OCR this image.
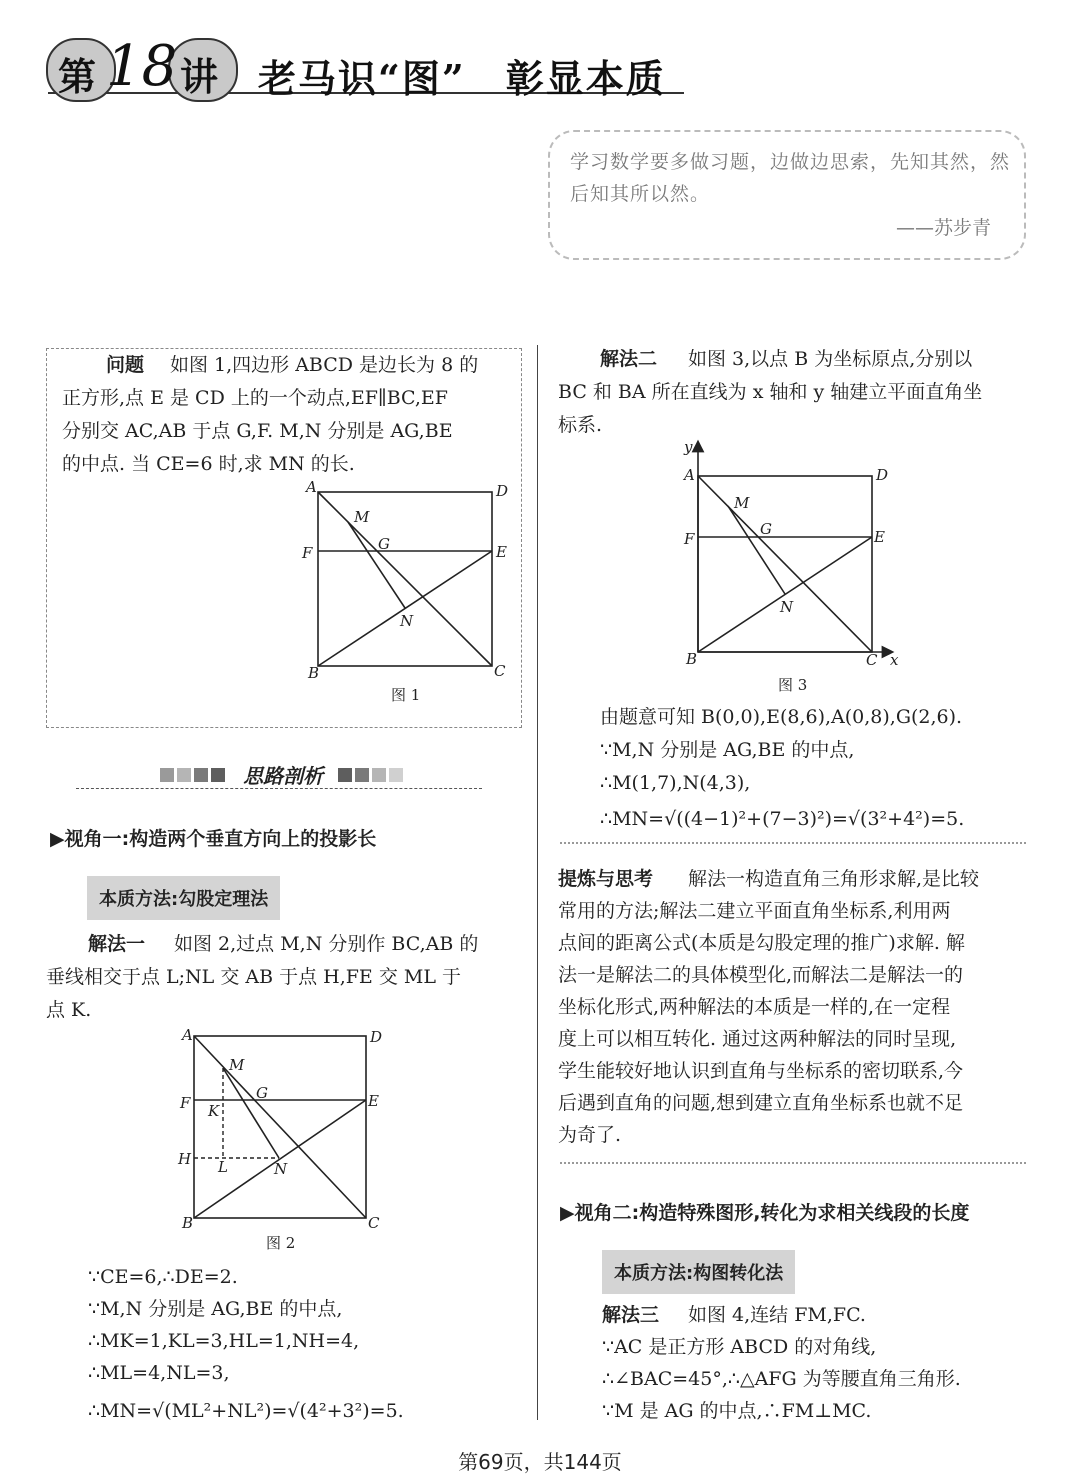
第 18 讲 老马识“图”　彰显本质
学习数学要多做习题，边做边思索，先知其然，然后知其所以然。
——苏步青
问题 如图 1,四边形 ABCD 是边长为 8 的
正方形,点 E 是 CD 上的一个动点,EF∥BC,EF
分别交 AC,AB 于点 G,F. M,N 分别是 AG,BE
的中点. 当 CE=6 时,求 MN 的长.
A	D
F	E
M
G
N
B	C
图 1
思路剖析
▶视角一:构造两个垂直方向上的投影长
本质方法:勾股定理法
解法一 如图 2,过点 M,N 分别作 BC,AB 的
垂线相交于点 L;NL 交 AB 于点 H,FE 交 ML 于
点 K.
A	D
F	E
M
G
K
H L	N
B	C
图 2
∵CE=6,∴DE=2.
∵M,N 分别是 AG,BE 的中点,
∴MK=1,KL=3,HL=1,NH=4,
∴ML=4,NL=3,
∴MN=√(ML²+NL²)=√(4²+3²)=5.
解法二 如图 3,以点 B 为坐标原点,分别以
BC 和 BA 所在直线为 x 轴和 y 轴建立平面直角坐
标系.
y
A	D
F	E
M
G
N
B	C x
图 3
由题意可知 B(0,0),E(8,6),A(0,8),G(2,6).
∵M,N 分别是 AG,BE 的中点,
∴M(1,7),N(4,3),
∴MN=√((4−1)²+(7−3)²)=√(3²+4²)=5.
提炼与思考 解法一构造直角三角形求解,是比较
常用的方法;解法二建立平面直角坐标系,利用两
点间的距离公式(本质是勾股定理的推广)求解. 解
法一是解法二的具体模型化,而解法二是解法一的
坐标化形式,两种解法的本质是一样的,在一定程
度上可以相互转化. 通过这两种解法的同时呈现,
学生能较好地认识到直角与坐标系的密切联系,今
后遇到直角的问题,想到建立直角坐标系也就不足
为奇了.
▶视角二:构造特殊图形,转化为求相关线段的长度
本质方法:构图转化法
解法三 如图 4,连结 FM,FC.
∵AC 是正方形 ABCD 的对角线,
∴∠BAC=45°,∴△AFG 为等腰直角三角形.
∵M 是 AG 的中点,∴FM⊥MC.
第69页，共144页
